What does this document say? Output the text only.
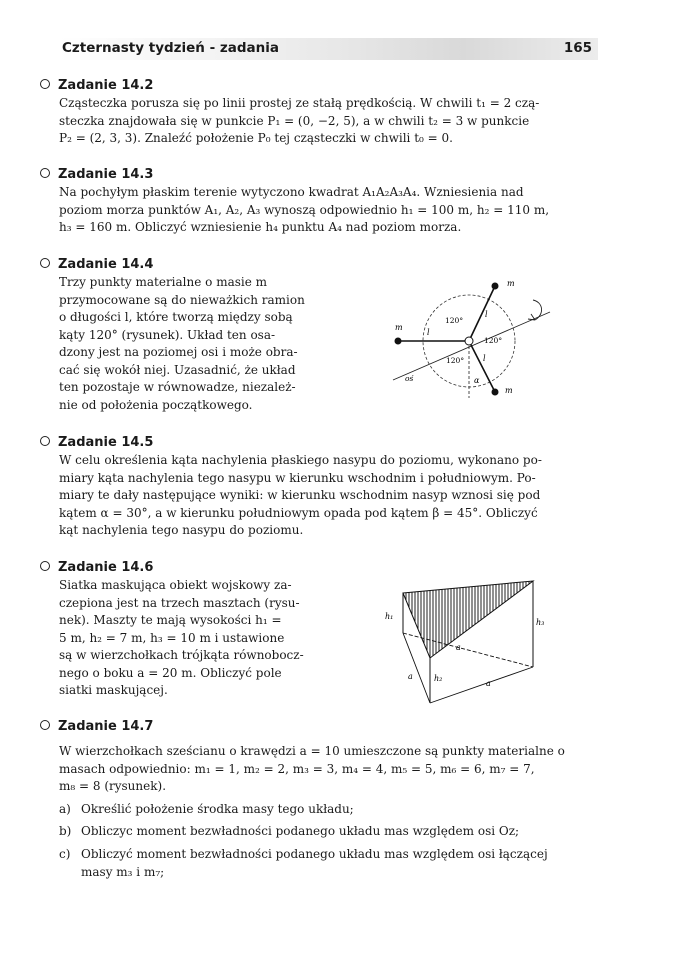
Czternasty tydzień - zadania	165
Zadanie 14.2
Cząsteczka porusza się po linii prostej ze stałą prędkością. W chwili t₁ = 2 czą-
steczka znajdowała się w punkcie P₁ = (0, −2, 5), a w chwili t₂ = 3 w punkcie
P₂ = (2, 3, 3). Znaleźć położenie P₀ tej cząsteczki w chwili t₀ = 0.
Zadanie 14.3
Na pochyłym płaskim terenie wytyczono kwadrat A₁A₂A₃A₄. Wzniesienia nad
poziom morza punktów A₁, A₂, A₃ wynoszą odpowiednio h₁ = 100 m, h₂ = 110 m,
h₃ = 160 m. Obliczyć wzniesienie h₄ punktu A₄ nad poziom morza.
Zadanie 14.4
Trzy punkty materialne o masie m
przymocowane są do nieważkich ramion
o długości l, które tworzą między sobą
kąty 120° (rysunek). Układ ten osa-
dzony jest na poziomej osi i może obra-
cać się wokół niej. Uzasadnić, że układ
ten pozostaje w równowadze, niezależ-
nie od położenia początkowego.
m
m
m
l
l
l
120°
120°
120°
oś	α
Zadanie 14.5
W celu określenia kąta nachylenia płaskiego nasypu do poziomu, wykonano po-
miary kąta nachylenia tego nasypu w kierunku wschodnim i południowym. Po-
miary te dały następujące wyniki: w kierunku wschodnim nasyp wznosi się pod
kątem α = 30°, a w kierunku południowym opada pod kątem β = 45°. Obliczyć
kąt nachylenia tego nasypu do poziomu.
Zadanie 14.6
Siatka maskująca obiekt wojskowy za-
czepiona jest na trzech masztach (rysu-
nek). Maszty te mają wysokości h₁ =
5 m, h₂ = 7 m, h₃ = 10 m i ustawione
są w wierzchołkach trójkąta równobocz-
nego o boku a = 20 m. Obliczyć pole
siatki maskującej.
h₁
h₂
h₃
a
a
a
Zadanie 14.7
W wierzchołkach sześcianu o krawędzi a = 10 umieszczone są punkty materialne o
masach odpowiednio: m₁ = 1, m₂ = 2, m₃ = 3, m₄ = 4, m₅ = 5, m₆ = 6, m₇ = 7,
m₈ = 8 (rysunek).
a) Określić położenie środka masy tego układu;
b) Obliczyc moment bezwładności podanego układu mas względem osi Oz;
c) Obliczyć moment bezwładności podanego układu mas względem osi łączącej
masy m₃ i m₇;
